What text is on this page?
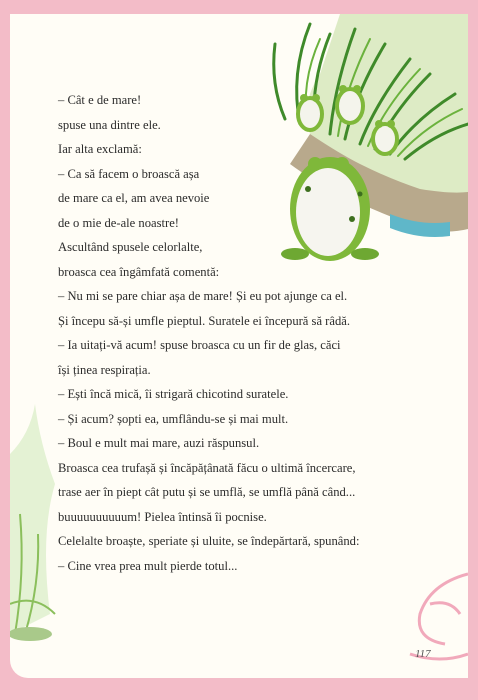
– Cât e de mare!
spuse una dintre ele.
Iar alta exclamă:
– Ca să facem o broască așa
de mare ca el, am avea nevoie
de o mie de-ale noastre!
Ascultând spusele celorlalte,
broasca cea îngâmfată comentă:
– Nu mi se pare chiar așa de mare! Și eu pot ajunge ca el.
Și începu să-și umfle pieptul. Suratele ei începură să râdă.
– Ia uitați-vă acum! spuse broasca cu un fir de glas, căci
își ținea respirația.
– Ești încă mică, îi strigară chicotind suratele.
– Și acum? șopti ea, umflându-se și mai mult.
– Boul e mult mai mare, auzi răspunsul.
Broasca cea trufașă și încăpățânată făcu o ultimă încercare,
trase aer în piept cât putu și se umflă, se umflă până când...
buuuuuuuuuum! Pielea întinsă îi pocnise.
Celelalte broaște, speriate și uluite, se îndepărtară, spunând:
– Cine vrea prea mult pierde totul...
117
